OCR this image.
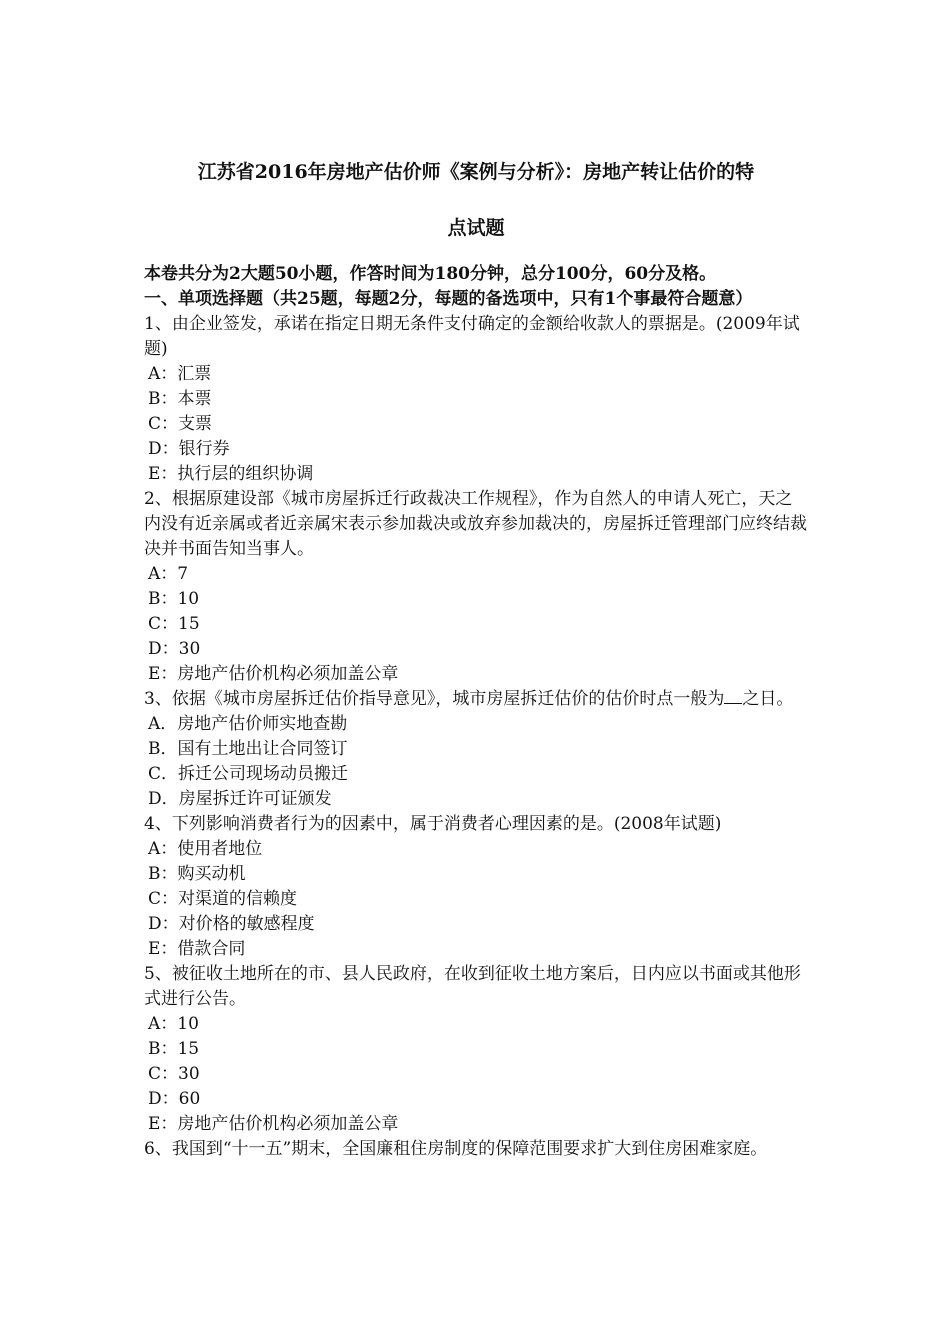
江苏省2016年房地产估价师《案例与分析》：房地产转让估价的特
点试题
本卷共分为2大题50小题，作答时间为180分钟，总分100分，60分及格。
一、单项选择题（共25题，每题2分，每题的备选项中，只有1个事最符合题意）
1、由企业签发，承诺在指定日期无条件支付确定的金额给收款人的票据是。(2009年试题)
A：汇票
B：本票
C：支票
D：银行券
E：执行层的组织协调
2、根据原建设部《城市房屋拆迁行政裁决工作规程》，作为自然人的申请人死亡，天之内没有近亲属或者近亲属宋表示参加裁决或放弃参加裁决的，房屋拆迁管理部门应终结裁决并书面告知当事人。
A：7
B：10
C：15
D：30
E：房地产估价机构必须加盖公章
3、依据《城市房屋拆迁估价指导意见》，城市房屋拆迁估价的估价时点一般为 之日。
A．房地产估价师实地查勘
B．国有土地出让合同签订
C．拆迁公司现场动员搬迁
D．房屋拆迁许可证颁发
4、下列影响消费者行为的因素中，属于消费者心理因素的是。(2008年试题)
A：使用者地位
B：购买动机
C：对渠道的信赖度
D：对价格的敏感程度
E：借款合同
5、被征收土地所在的市、县人民政府，在收到征收土地方案后，日内应以书面或其他形式进行公告。
A：10
B：15
C：30
D：60
E：房地产估价机构必须加盖公章
6、我国到“十一五”期末，全国廉租住房制度的保障范围要求扩大到住房困难家庭。
